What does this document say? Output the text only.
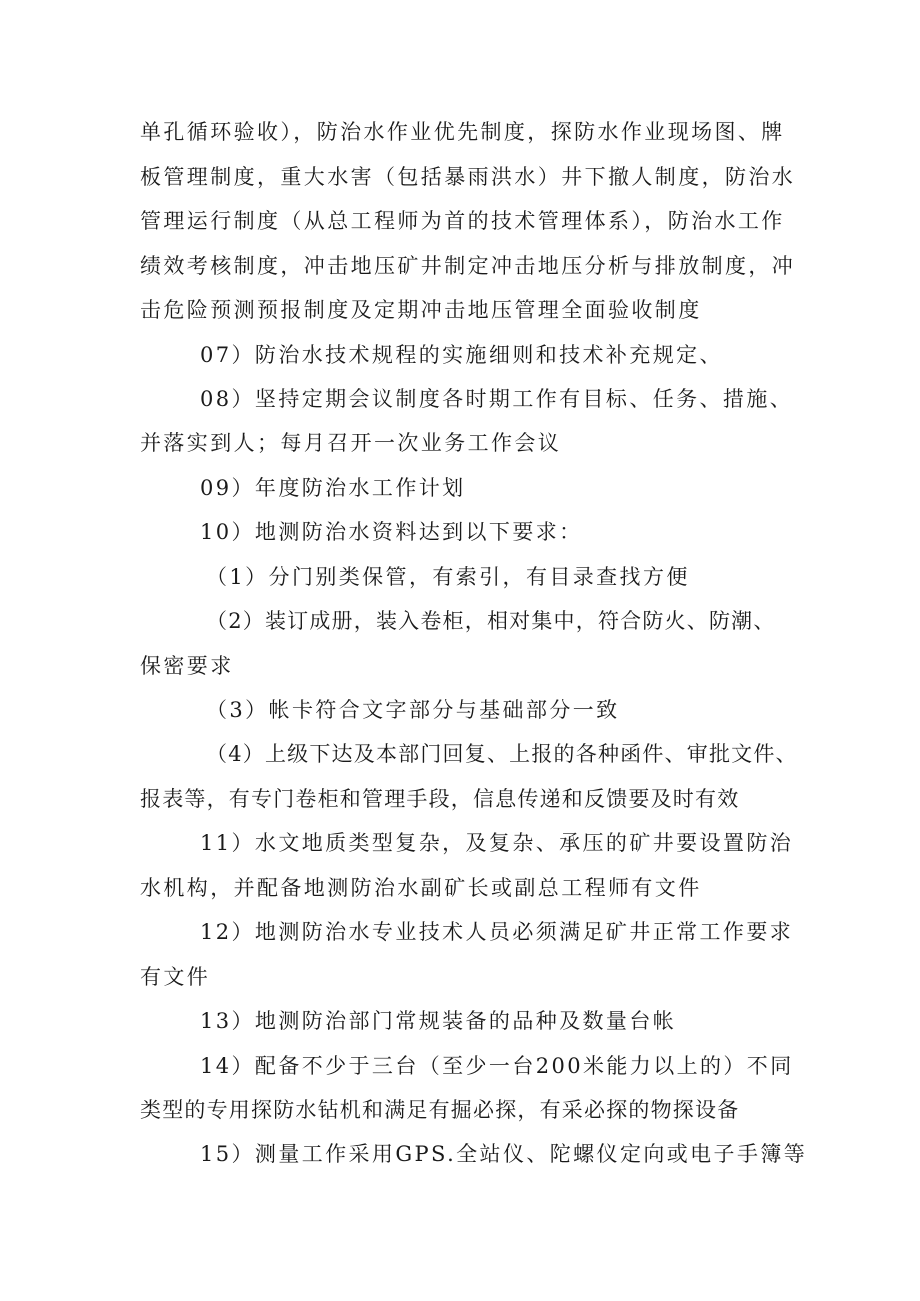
单孔循环验收），防治水作业优先制度，探防水作业现场图、牌
板管理制度，重大水害（包括暴雨洪水）井下撤人制度，防治水
管理运行制度（从总工程师为首的技术管理体系），防治水工作
绩效考核制度，冲击地压矿井制定冲击地压分析与排放制度，冲
击危险预测预报制度及定期冲击地压管理全面验收制度
07）防治水技术规程的实施细则和技术补充规定、
08）坚持定期会议制度各时期工作有目标、任务、措施、
并落实到人；每月召开一次业务工作会议
09）年度防治水工作计划
10）地测防治水资料达到以下要求：
（1）分门别类保管，有索引，有目录查找方便
（2）装订成册，装入卷柜，相对集中，符合防火、防潮、
保密要求
（3）帐卡符合文字部分与基础部分一致
（4）上级下达及本部门回复、上报的各种函件、审批文件、
报表等，有专门卷柜和管理手段，信息传递和反馈要及时有效
11）水文地质类型复杂，及复杂、承压的矿井要设置防治
水机构，并配备地测防治水副矿长或副总工程师有文件
12）地测防治水专业技术人员必须满足矿井正常工作要求
有文件
13）地测防治部门常规装备的品种及数量台帐
14）配备不少于三台（至少一台200米能力以上的）不同
类型的专用探防水钻机和满足有掘必探，有采必探的物探设备
15）测量工作采用GPS.全站仪、陀螺仪定向或电子手簿等
